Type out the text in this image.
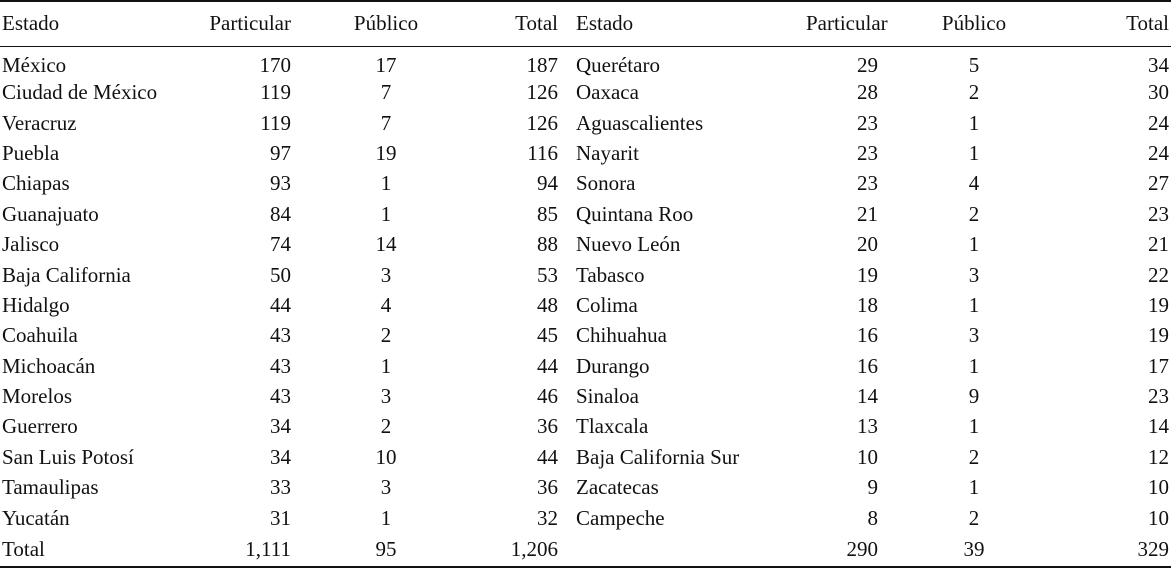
Estado	Particular	Público	Total	Estado	Particular	Público	Total
México	170	17	187	Querétaro	29	5	34
Ciudad de México	119	7	126	Oaxaca	28	2	30
Veracruz	119	7	126	Aguascalientes	23	1	24
Puebla	97	19	116	Nayarit	23	1	24
Chiapas	93	1	94	Sonora	23	4	27
Guanajuato	84	1	85	Quintana Roo	21	2	23
Jalisco	74	14	88	Nuevo León	20	1	21
Baja California	50	3	53	Tabasco	19	3	22
Hidalgo	44	4	48	Colima	18	1	19
Coahuila	43	2	45	Chihuahua	16	3	19
Michoacán	43	1	44	Durango	16	1	17
Morelos	43	3	46	Sinaloa	14	9	23
Guerrero	34	2	36	Tlaxcala	13	1	14
San Luis Potosí	34	10	44	Baja California Sur	10	2	12
Tamaulipas	33	3	36	Zacatecas	9	1	10
Yucatán	31	1	32	Campeche	8	2	10
Total	1,111	95	1,206		290	39	329
